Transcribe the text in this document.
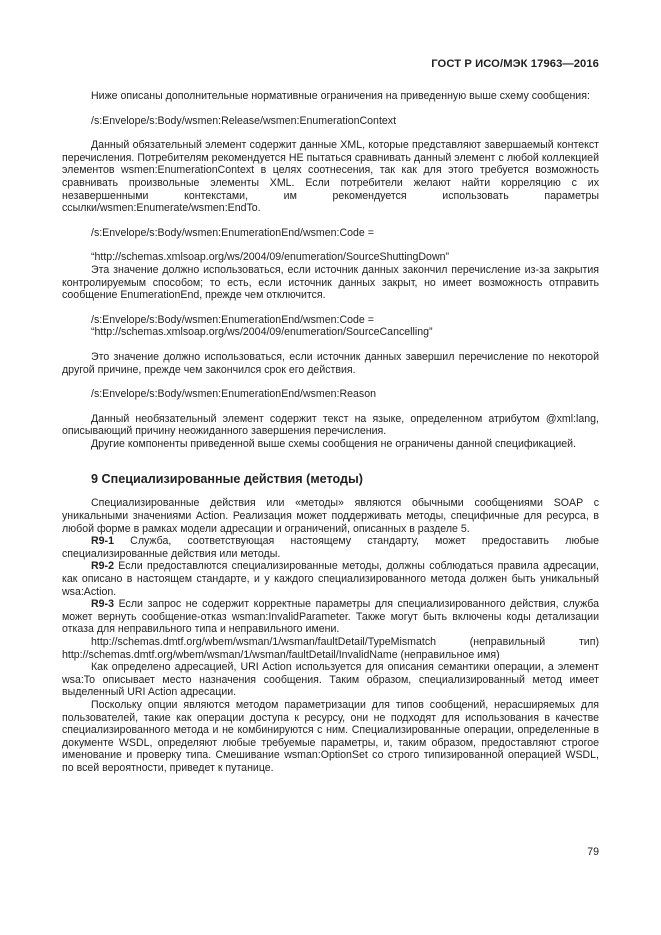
ГОСТ Р ИСО/МЭК 17963—2016

Ниже описаны дополнительные нормативные ограничения на приведенную выше схему сообщения:

/s:Envelope/s:Body/wsmen:Release/wsmen:EnumerationContext

Данный обязательный элемент содержит данные XML, которые представляют завершаемый контекст перечисления. Потребителям рекомендуется НЕ пытаться сравнивать данный элемент с любой коллекцией элементов wsmen:EnumerationContext в целях соотнесения, так как для этого требуется возможность сравнивать произвольные элементы XML. Если потребители желают найти корреляцию с их незавершенными контекстами, им рекомендуется использовать параметры ссылки/wsmen:Enumerate/wsmen:EndTo.

/s:Envelope/s:Body/wsmen:EnumerationEnd/wsmen:Code =

“http://schemas.xmlsoap.org/ws/2004/09/enumeration/SourceShuttingDown”

Эта значение должно использоваться, если источник данных закончил перечисление из-за закрытия контролируемым способом; то есть, если источник данных закрыт, но имеет возможность отправить сообщение EnumerationEnd, прежде чем отключится.

/s:Envelope/s:Body/wsmen:EnumerationEnd/wsmen:Code =

“http://schemas.xmlsoap.org/ws/2004/09/enumeration/SourceCancelling”

Это значение должно использоваться, если источник данных завершил перечисление по некоторой другой причине, прежде чем закончился срок его действия.

/s:Envelope/s:Body/wsmen:EnumerationEnd/wsmen:Reason

Данный необязательный элемент содержит текст на языке, определенном атрибутом @xml:lang, описывающий причину неожиданного завершения перечисления.

Другие компоненты приведенной выше схемы сообщения не ограничены данной спецификацией.

9 Специализированные действия (методы)

Специализированные действия или «методы» являются обычными сообщениями SOAP с уникальными значениями Action. Реализация может поддерживать методы, специфичные для ресурса, в любой форме в рамках модели адресации и ограничений, описанных в разделе 5.

R9-1 Служба, соответствующая настоящему стандарту, может предоставить любые специализированные действия или методы.

R9-2 Если предоставлются специализированные методы, должны соблюдаться правила адресации, как описано в настоящем стандарте, и у каждого специализированного метода должен быть уникальный wsa:Action.

R9-3 Если запрос не содержит корректные параметры для специализированного действия, служба может вернуть сообщение-отказ wsman:InvalidParameter. Также могут быть включены коды детализации отказа для неправильного типа и неправильного имени.

http://schemas.dmtf.org/wbem/wsman/1/wsman/faultDetail/TypeMismatch (неправильный тип) http://schemas.dmtf.org/wbem/wsman/1/wsman/faultDetail/InvalidName (неправильное имя)

Как определено адресацией, URI Action используется для описания семантики операции, а элемент wsa:To описывает место назначения сообщения. Таким образом, специализированный метод имеет выделенный URI Action адресации.

Поскольку опции являются методом параметризации для типов сообщений, нерасширяемых для пользователей, такие как операции доступа к ресурсу, они не подходят для использования в качестве специализированного метода и не комбинируются с ним. Специализированные операции, определенные в документе WSDL, определяют любые требуемые параметры, и, таким образом, предоставляют строгое именование и проверку типа. Смешивание wsman:OptionSet со строго типизированной операцией WSDL, по всей вероятности, приведет к путанице.

79
